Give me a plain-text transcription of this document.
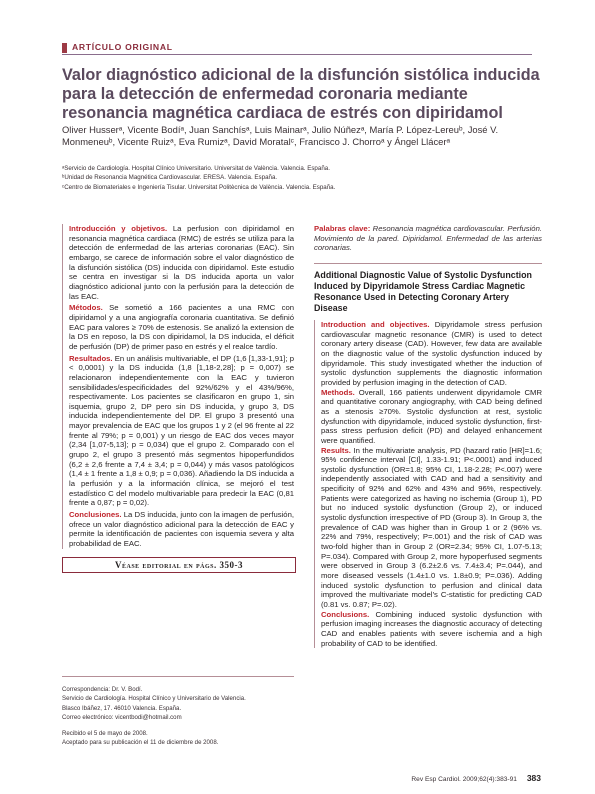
ARTÍCULO ORIGINAL
Valor diagnóstico adicional de la disfunción sistólica inducida para la detección de enfermedad coronaria mediante resonancia magnética cardiaca de estrés con dipiridamol

Oliver Husserᵃ, Vicente Bodíᵃ, Juan Sanchísᵃ, Luis Mainarᵃ, Julio Núñezᵃ, María P. López-Lereuᵇ, José V. Monmeneuᵇ, Vicente Ruizᵃ, Eva Rumizᵃ, David Moratalᶜ, Francisco J. Chorroᵃ y Ángel Llácerᵃ

ᵃServicio de Cardiología. Hospital Clínico Universitario. Universitat de València. Valencia. España.
ᵇUnidad de Resonancia Magnética Cardiovascular. ERESA. Valencia. España.
ᶜCentro de Biomateriales e Ingeniería Tisular. Universitat Politècnica de València. Valencia. España.

Introducción y objetivos. La perfusion con dipiridamol en resonancia magnética cardiaca (RMC) de estrés se utiliza para la detección de enfermedad de las arterias coronarias (EAC). Sin embargo, se carece de información sobre el valor diagnóstico de la disfunción sistólica (DS) inducida con dipiridamol. Este estudio se centra en investigar si la DS inducida aporta un valor diagnóstico adicional junto con la perfusión para la detección de las EAC.

Métodos. Se sometió a 166 pacientes a una RMC con dipiridamol y a una angiografía coronaria cuantitativa. Se definió EAC para valores ≥ 70% de estenosis. Se analizó la extension de la DS en reposo, la DS con dipiridamol, la DS inducida, el déficit de perfusión (DP) de primer paso en estrés y el realce tardío.

Resultados. En un análisis multivariable, el DP (1,6 [1,33-1,91]; p < 0,0001) y la DS inducida (1,8 [1,18-2,28]; p = 0,007) se relacionaron independientemente con la EAC y tuvieron sensibilidades/especificidades del 92%/62% y el 43%/96%, respectivamente. Los pacientes se clasificaron en grupo 1, sin isquemia, grupo 2, DP pero sin DS inducida, y grupo 3, DS inducida independientemente del DP. El grupo 3 presentó una mayor prevalencia de EAC que los grupos 1 y 2 (el 96 frente al 22 frente al 79%; p = 0,001) y un riesgo de EAC dos veces mayor (2,34 [1,07-5,13]; p = 0,034) que el grupo 2. Comparado con el grupo 2, el grupo 3 presentó más segmentos hipoperfundidos (6,2 ± 2,6 frente a 7,4 ± 3,4; p = 0,044) y más vasos patológicos (1,4 ± 1 frente a 1,8 ± 0,9; p = 0,036). Añadiendo la DS inducida a la perfusión y a la información clínica, se mejoró el test estadístico C del modelo multivariable para predecir la EAC (0,81 frente a 0,87; p = 0,02).

Conclusiones. La DS inducida, junto con la imagen de perfusión, ofrece un valor diagnóstico adicional para la detección de EAC y permite la identificación de pacientes con isquemia severa y alta probabilidad de EAC.

Véase editorial en págs. 350-3
Correspondencia: Dr. V. Bodí.
Servicio de Cardiología. Hospital Clínico y Universitario de Valencia.
Blasco Ibáñez, 17. 46010 Valencia. España.
Correo electrónico: vicentbodi@hotmail.com
Recibido el 5 de mayo de 2008.
Aceptado para su publicación el 11 de diciembre de 2008.

Palabras clave: Resonancia magnética cardiovascular. Perfusión. Movimiento de la pared. Dipiridamol. Enfermedad de las arterias coronarias.

Additional Diagnostic Value of Systolic Dysfunction Induced by Dipyridamole Stress Cardiac Magnetic Resonance Used in Detecting Coronary Artery Disease

Introduction and objectives. Dipyridamole stress perfusion cardiovascular magnetic resonance (CMR) is used to detect coronary artery disease (CAD). However, few data are available on the diagnostic value of the systolic dysfunction induced by dipyridamole. This study investigated whether the induction of systolic dysfunction supplements the diagnostic information provided by perfusion imaging in the detection of CAD.

Methods. Overall, 166 patients underwent dipyridamole CMR and quantitative coronary angiography, with CAD being defined as a stenosis ≥70%. Systolic dysfunction at rest, systolic dysfunction with dipyridamole, induced systolic dysfunction, first-pass stress perfusion deficit (PD) and delayed enhancement were quantified.

Results. In the multivariate analysis, PD (hazard ratio [HR]=1.6; 95% confidence interval [CI], 1.33-1.91; P<.0001) and induced systolic dysfunction (OR=1.8; 95% CI, 1.18-2.28; P<.007) were independently associated with CAD and had a sensitivity and specificity of 92% and 62% and 43% and 96%, respectively. Patients were categorized as having no ischemia (Group 1), PD but no induced systolic dysfunction (Group 2), or induced systolic dysfunction irrespective of PD (Group 3). In Group 3, the prevalence of CAD was higher than in Group 1 or 2 (96% vs. 22% and 79%, respectively; P=.001) and the risk of CAD was two-fold higher than in Group 2 (OR=2.34; 95% CI, 1.07-5.13; P=.034). Compared with Group 2, more hypoperfused segments were observed in Group 3 (6.2±2.6 vs. 7.4±3.4; P=.044), and more diseased vessels (1.4±1.0 vs. 1.8±0.9; P=.036). Adding induced systolic dysfunction to perfusion and clinical data improved the multivariate model’s C-statistic for predicting CAD (0.81 vs. 0.87; P=.02).

Conclusions. Combining induced systolic dysfunction with perfusion imaging increases the diagnostic accuracy of detecting CAD and enables patients with severe ischemia and a high probability of CAD to be identified.

Rev Esp Cardiol. 2009;62(4):383-91 383
